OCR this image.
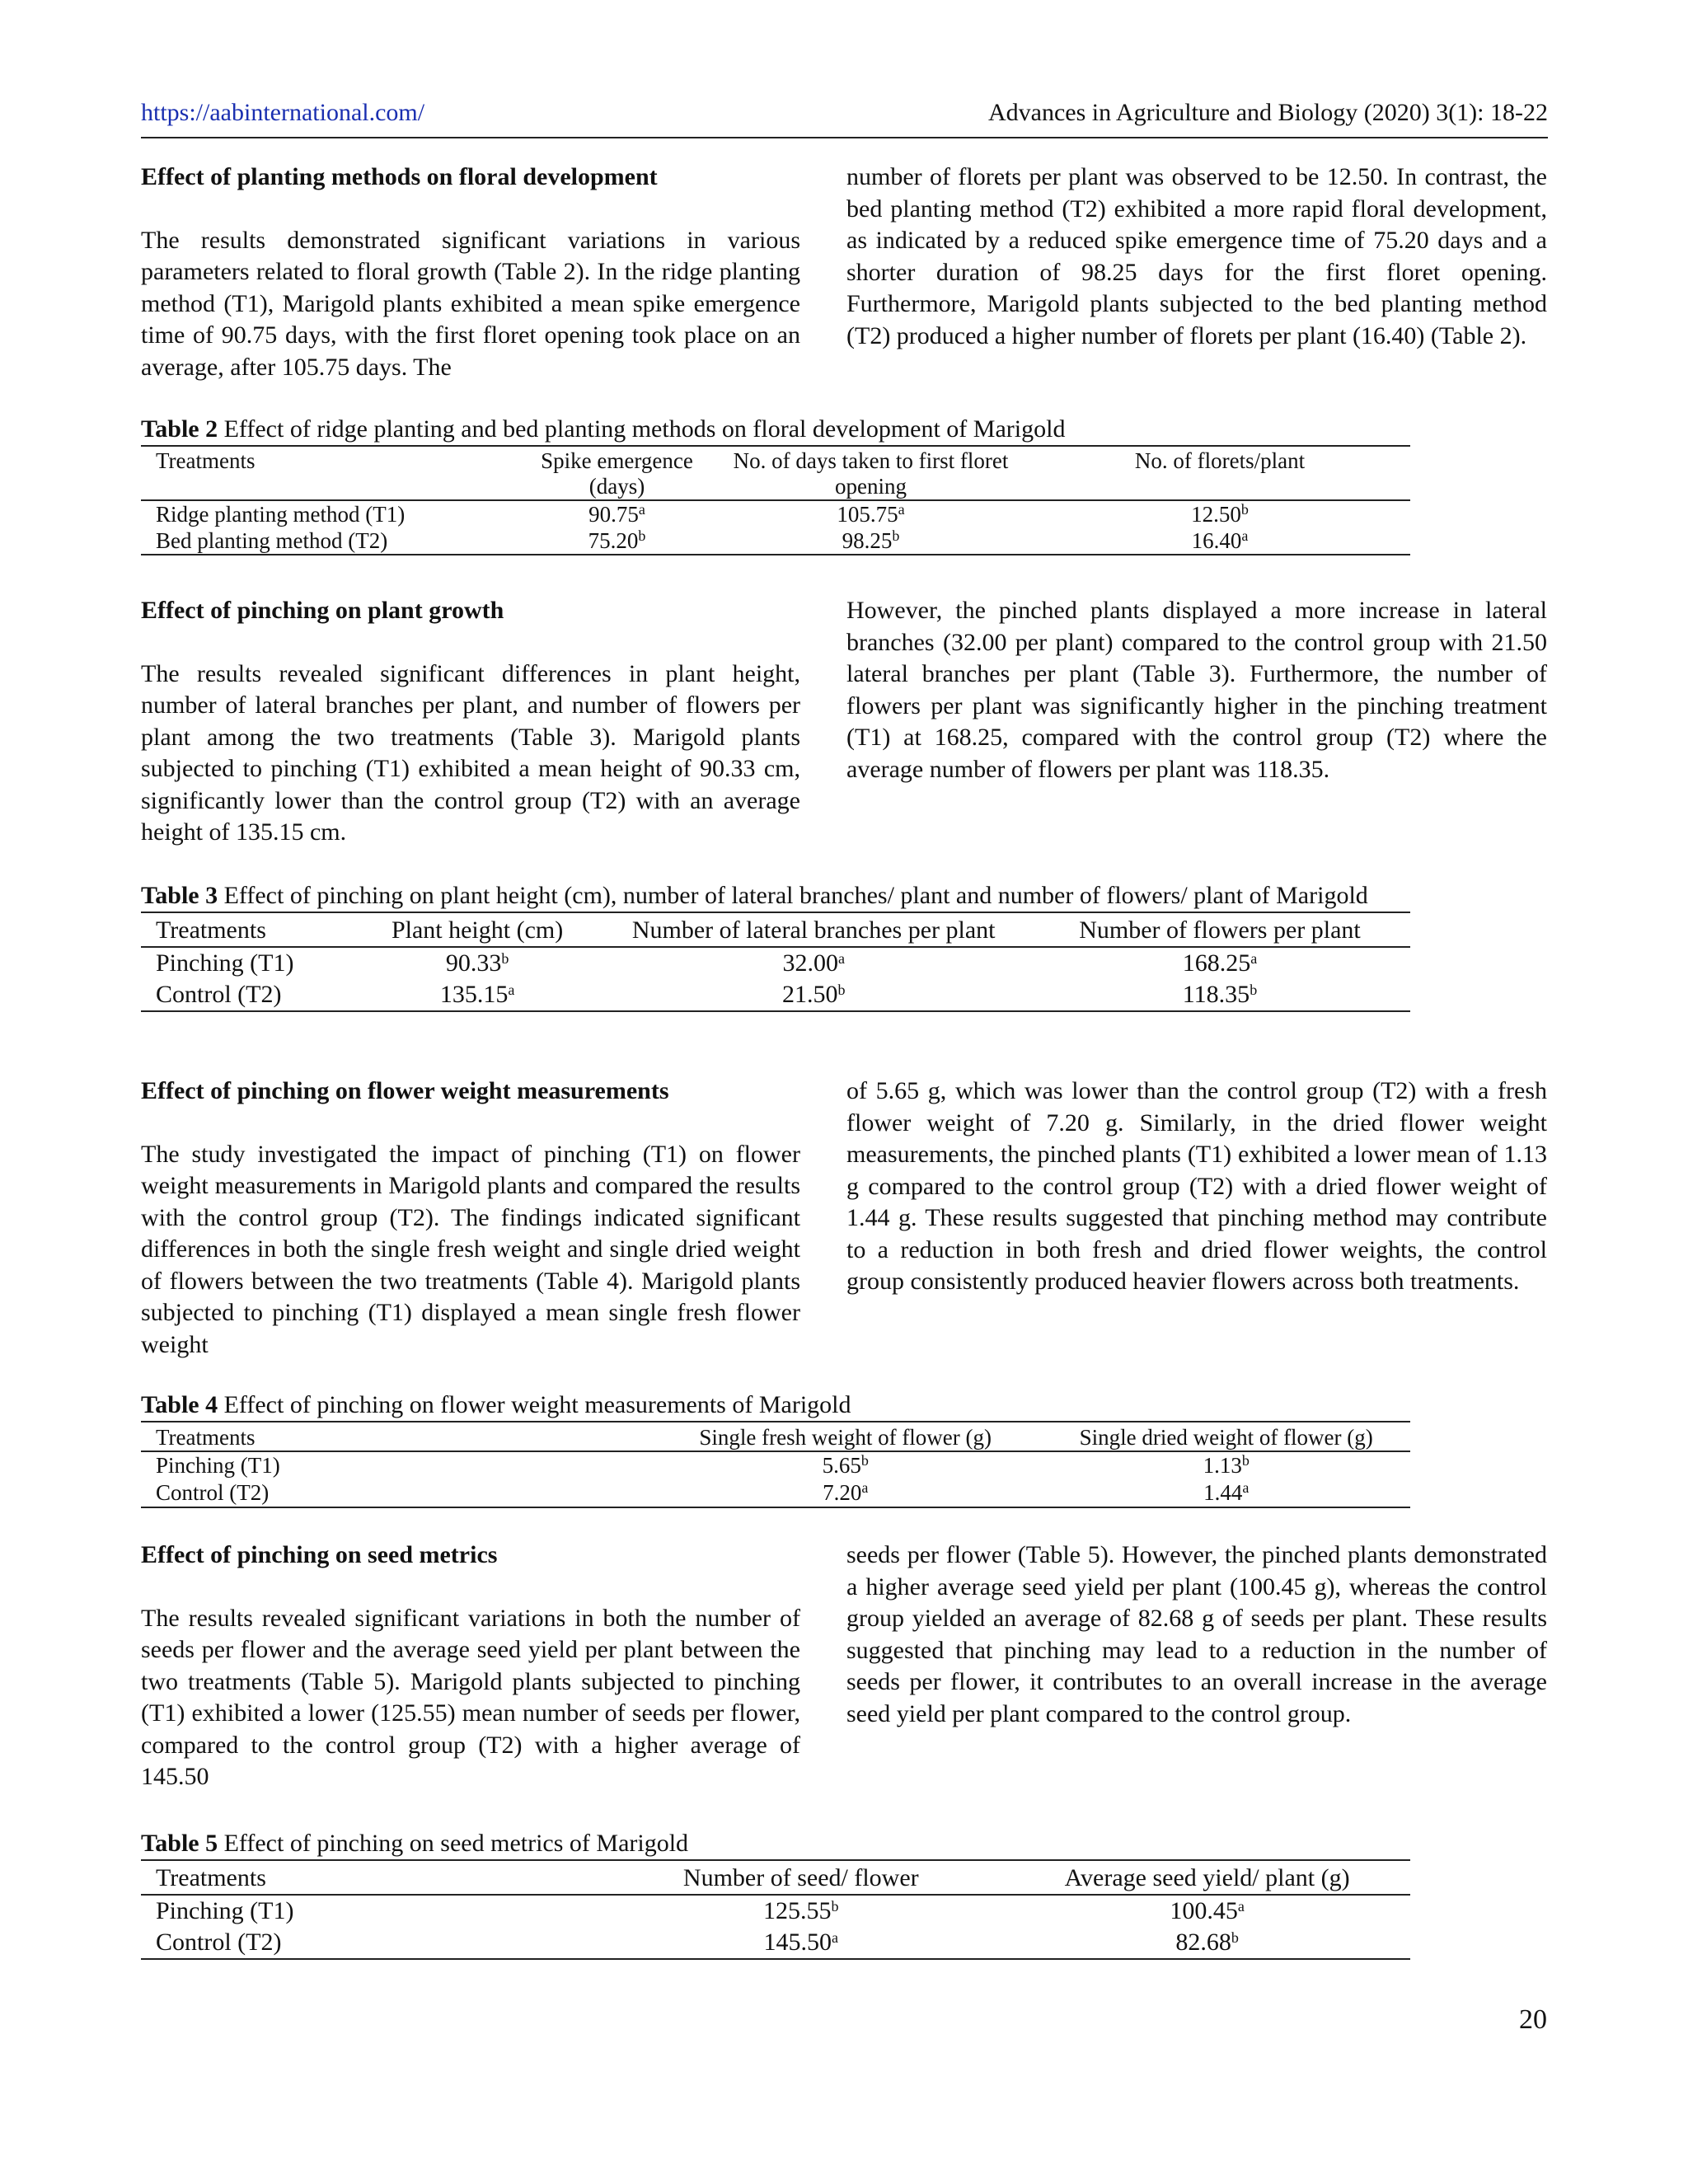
https://aabinternational.com/	Advances in Agriculture and Biology (2020) 3(1): 18-22
Effect of planting methods on floral development

The results demonstrated significant variations in various parameters related to floral growth (Table 2). In the ridge planting method (T1), Marigold plants exhibited a mean spike emergence time of 90.75 days, with the first floret opening took place on an average, after 105.75 days. The

number of florets per plant was observed to be 12.50. In contrast, the bed planting method (T2) exhibited a more rapid floral development, as indicated by a reduced spike emergence time of 75.20 days and a shorter duration of 98.25 days for the first floret opening. Furthermore, Marigold plants subjected to the bed planting method (T2) produced a higher number of florets per plant (16.40) (Table 2).

Table 2 Effect of ridge planting and bed planting methods on floral development of Marigold
Treatments	Spike emergence (days)	No. of days taken to first floret opening	No. of florets/plant
Ridge planting method (T1)	90.75$^a$	105.75$^a$	12.50$^b$
Bed planting method (T2)	75.20$^b$	98.25$^b$	16.40$^a$
Effect of pinching on plant growth

The results revealed significant differences in plant height, number of lateral branches per plant, and number of flowers per plant among the two treatments (Table 3). Marigold plants subjected to pinching (T1) exhibited a mean height of 90.33 cm, significantly lower than the control group (T2) with an average height of 135.15 cm.

However, the pinched plants displayed a more increase in lateral branches (32.00 per plant) compared to the control group with 21.50 lateral branches per plant (Table 3). Furthermore, the number of flowers per plant was significantly higher in the pinching treatment (T1) at 168.25, compared with the control group (T2) where the average number of flowers per plant was 118.35.

Table 3 Effect of pinching on plant height (cm), number of lateral branches/ plant and number of flowers/ plant of Marigold
Treatments	Plant height (cm)	Number of lateral branches per plant	Number of flowers per plant
Pinching (T1)	90.33$^b$	32.00$^a$	168.25$^a$
Control (T2)	135.15$^a$	21.50$^b$	118.35$^b$
Effect of pinching on flower weight measurements

The study investigated the impact of pinching (T1) on flower weight measurements in Marigold plants and compared the results with the control group (T2). The findings indicated significant differences in both the single fresh weight and single dried weight of flowers between the two treatments (Table 4). Marigold plants subjected to pinching (T1) displayed a mean single fresh flower weight

of 5.65 g, which was lower than the control group (T2) with a fresh flower weight of 7.20 g. Similarly, in the dried flower weight measurements, the pinched plants (T1) exhibited a lower mean of 1.13 g compared to the control group (T2) with a dried flower weight of 1.44 g. These results suggested that pinching method may contribute to a reduction in both fresh and dried flower weights, the control group consistently produced heavier flowers across both treatments.

Table 4 Effect of pinching on flower weight measurements of Marigold
Treatments	Single fresh weight of flower (g)	Single dried weight of flower (g)
Pinching (T1)	5.65$^b$	1.13$^b$
Control (T2)	7.20$^a$	1.44$^a$
Effect of pinching on seed metrics

The results revealed significant variations in both the number of seeds per flower and the average seed yield per plant between the two treatments (Table 5). Marigold plants subjected to pinching (T1) exhibited a lower (125.55) mean number of seeds per flower, compared to the control group (T2) with a higher average of 145.50

seeds per flower (Table 5). However, the pinched plants demonstrated a higher average seed yield per plant (100.45 g), whereas the control group yielded an average of 82.68 g of seeds per plant. These results suggested that pinching may lead to a reduction in the number of seeds per flower, it contributes to an overall increase in the average seed yield per plant compared to the control group.

Table 5 Effect of pinching on seed metrics of Marigold
Treatments	Number of seed/ flower	Average seed yield/ plant (g)
Pinching (T1)	125.55$^b$	100.45$^a$
Control (T2)	145.50$^a$	82.68$^b$
20
